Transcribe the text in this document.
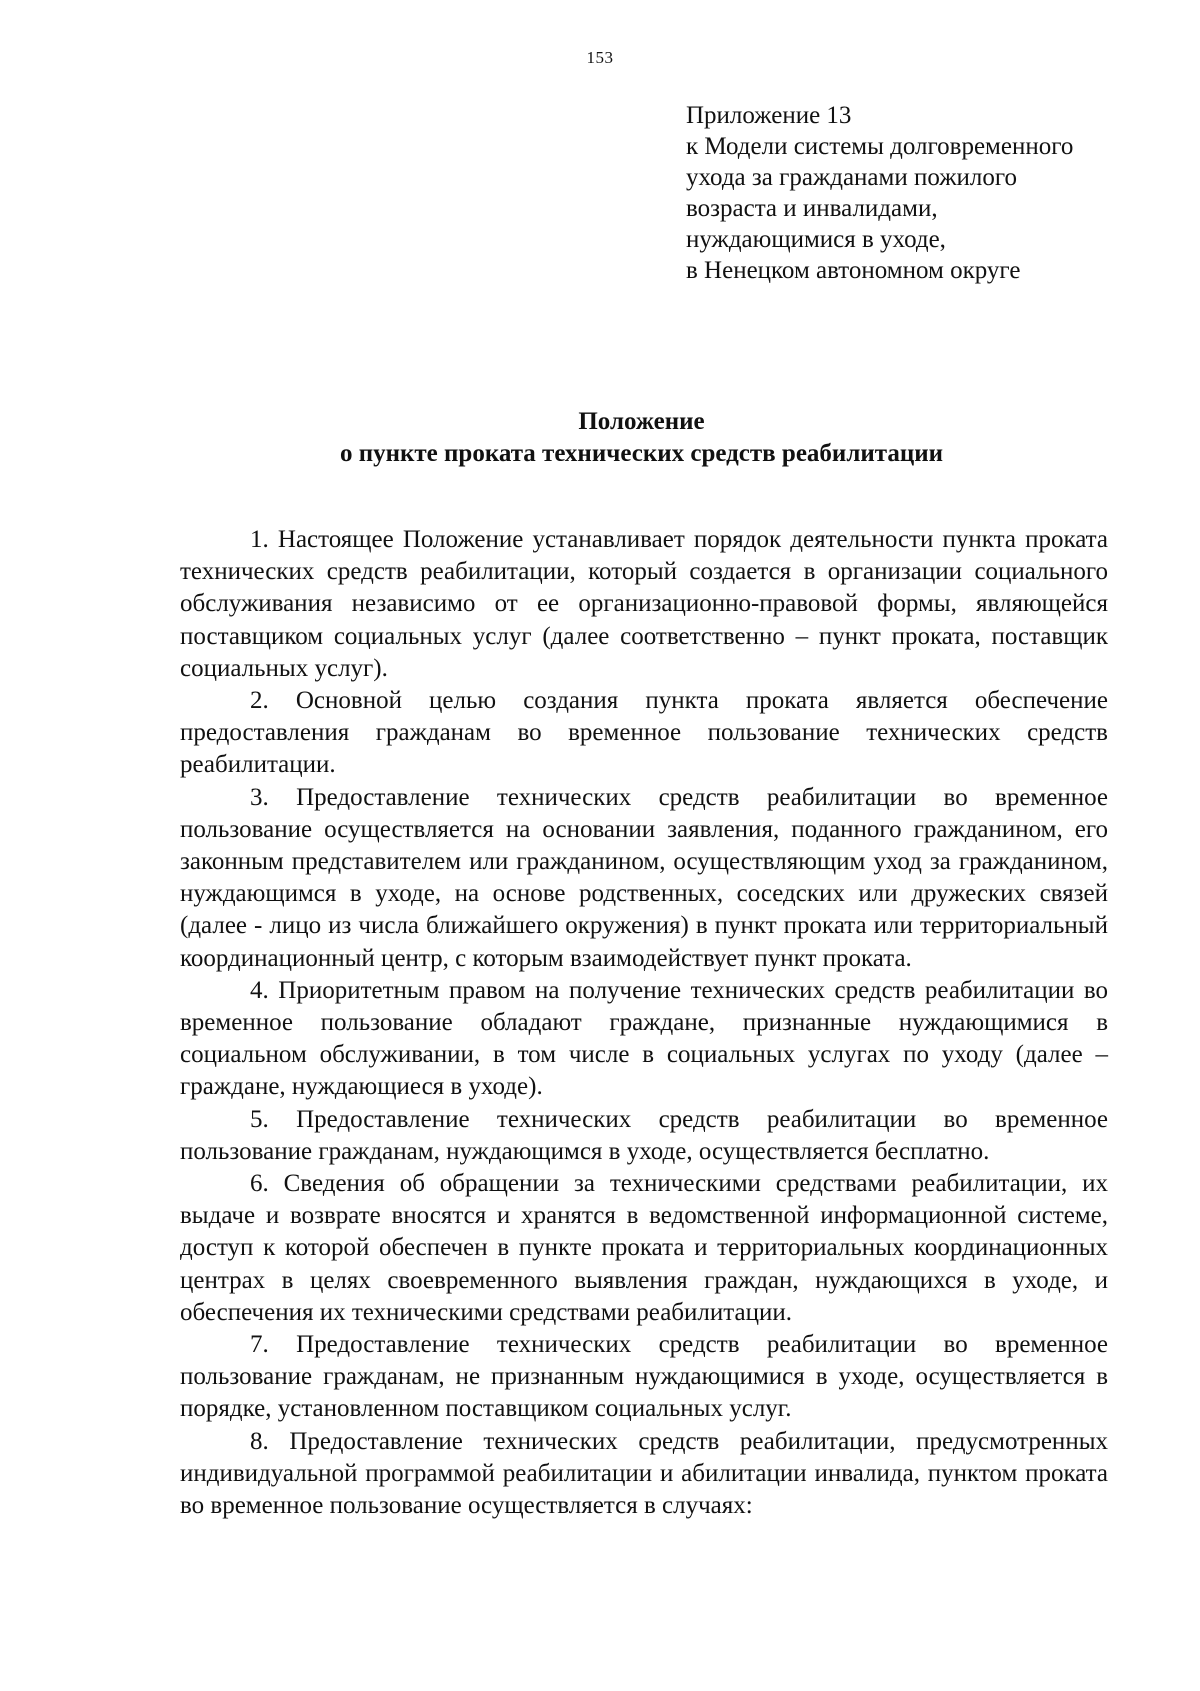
153
Приложение 13
к Модели системы долговременного
ухода за гражданами пожилого
возраста и инвалидами,
нуждающимися в уходе,
в Ненецком автономном округе
Положение
о пункте проката технических средств реабилитации

1. Настоящее Положение устанавливает порядок деятельности пункта проката технических средств реабилитации, который создается в организации социального обслуживания независимо от ее организационно-правовой формы, являющейся поставщиком социальных услуг (далее соответственно – пункт проката, поставщик социальных услуг).

2. Основной целью создания пункта проката является обеспечение предоставления гражданам во временное пользование технических средств реабилитации.

3. Предоставление технических средств реабилитации во временное пользование осуществляется на основании заявления, поданного гражданином, его законным представителем или гражданином, осуществляющим уход за гражданином, нуждающимся в уходе, на основе родственных, соседских или дружеских связей (далее - лицо из числа ближайшего окружения) в пункт проката или территориальный координационный центр, с которым взаимодействует пункт проката.

4. Приоритетным правом на получение технических средств реабилитации во временное пользование обладают граждане, признанные нуждающимися в социальном обслуживании, в том числе в социальных услугах по уходу (далее – граждане, нуждающиеся в уходе).

5. Предоставление технических средств реабилитации во временное пользование гражданам, нуждающимся в уходе, осуществляется бесплатно.

6. Сведения об обращении за техническими средствами реабилитации, их выдаче и возврате вносятся и хранятся в ведомственной информационной системе, доступ к которой обеспечен в пункте проката и территориальных координационных центрах в целях своевременного выявления граждан, нуждающихся в уходе, и обеспечения их техническими средствами реабилитации.

7. Предоставление технических средств реабилитации во временное пользование гражданам, не признанным нуждающимися в уходе, осуществляется в порядке, установленном поставщиком социальных услуг.

8. Предоставление технических средств реабилитации, предусмотренных индивидуальной программой реабилитации и абилитации инвалида, пунктом проката во временное пользование осуществляется в случаях:
